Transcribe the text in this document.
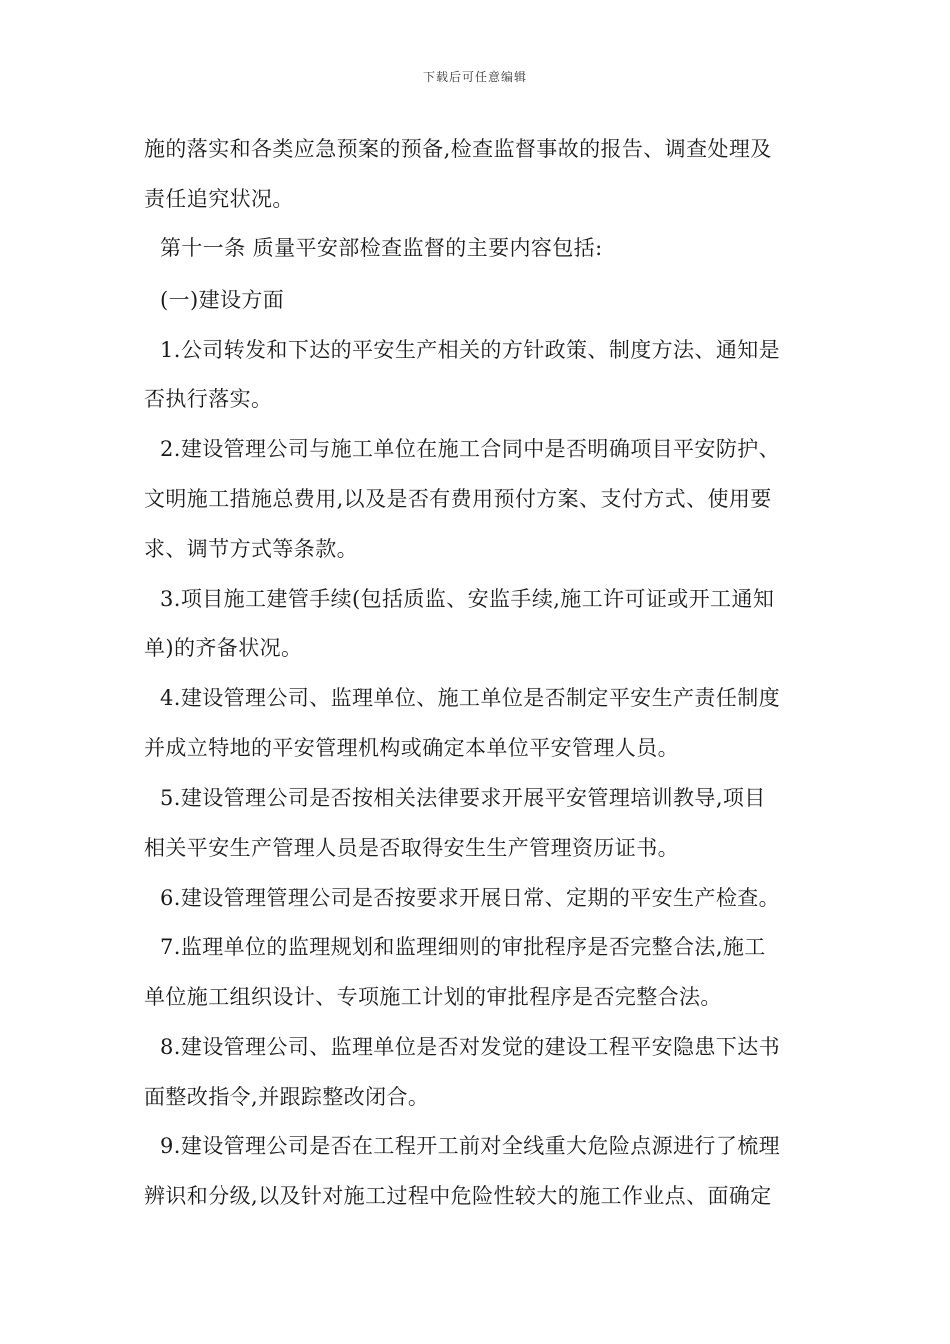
下载后可任意编辑
施的落实和各类应急预案的预备,检查监督事故的报告、调查处理及
责任追究状况。
第十一条 质量平安部检查监督的主要内容包括:
(一)建设方面
1.公司转发和下达的平安生产相关的方针政策、制度方法、通知是
否执行落实。
2.建设管理公司与施工单位在施工合同中是否明确项目平安防护、
文明施工措施总费用,以及是否有费用预付方案、支付方式、使用要
求、调节方式等条款。
3.项目施工建管手续(包括质监、安监手续,施工许可证或开工通知
单)的齐备状况。
4.建设管理公司、监理单位、施工单位是否制定平安生产责任制度
并成立特地的平安管理机构或确定本单位平安管理人员。
5.建设管理公司是否按相关法律要求开展平安管理培训教导,项目
相关平安生产管理人员是否取得安生生产管理资历证书。
6.建设管理管理公司是否按要求开展日常、定期的平安生产检查。
7.监理单位的监理规划和监理细则的审批程序是否完整合法,施工
单位施工组织设计、专项施工计划的审批程序是否完整合法。
8.建设管理公司、监理单位是否对发觉的建设工程平安隐患下达书
面整改指令,并跟踪整改闭合。
9.建设管理公司是否在工程开工前对全线重大危险点源进行了梳理
辨识和分级,以及针对施工过程中危险性较大的施工作业点、面确定
